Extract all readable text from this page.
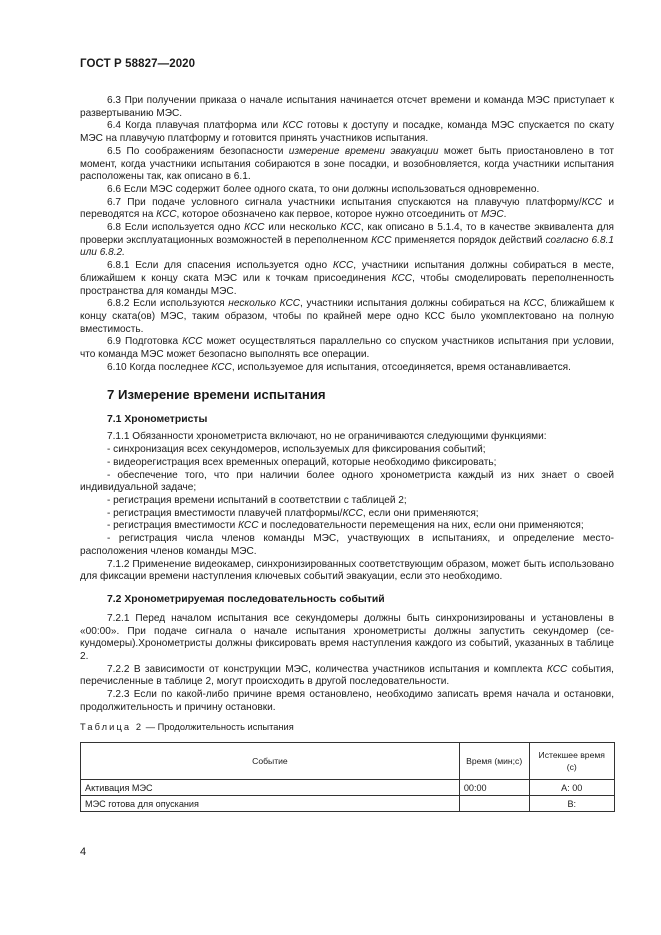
ГОСТ Р 58827—2020

6.3 При получении приказа о начале испытания начинается отсчет времени и команда МЭС приступает к развертыванию МЭС.

6.4 Когда плавучая платформа или КСС готовы к доступу и посадке, команда МЭС спускается по скату МЭС на плавучую платформу и готовится принять участников испытания.

6.5 По соображениям безопасности измерение времени эвакуации может быть приостановлено в тот момент, когда участники испытания собираются в зоне посадки, и возобновляется, когда участники испытания расположены так, как описано в 6.1.

6.6 Если МЭС содержит более одного ската, то они должны использоваться одновременно.

6.7 При подаче условного сигнала участники испытания спускаются на плавучую платформу/КСС и переводятся на КСС, которое обозначено как первое, которое нужно отсоединить от МЭС.

6.8 Если используется одно КСС или несколько КСС, как описано в 5.1.4, то в качестве эквивалента для проверки эксплуатационных возможностей в переполненном КСС применяется порядок действий согласно 6.8.1 или 6.8.2.

6.8.1 Если для спасения используется одно КСС, участники испытания должны собираться в месте, ближайшем к концу ската МЭС или к точкам присоединения КСС, чтобы смоделировать переполненность пространства для команды МЭС.

6.8.2 Если используются несколько КСС, участники испытания должны собираться на КСС, ближайшем к концу ската(ов) МЭС, таким образом, чтобы по крайней мере одно КСС было укомплектовано на полную вместимость.

6.9 Подготовка КСС может осуществляться параллельно со спуском участников испытания при условии, что команда МЭС может безопасно выполнять все операции.

6.10 Когда последнее КСС, используемое для испытания, отсоединяется, время останавливается.

7 Измерение времени испытания
7.1 Хронометристы

7.1.1 Обязанности хронометриста включают, но не ограничиваются следующими функциями:

- синхронизация всех секундомеров, используемых для фиксирования событий;

- видеорегистрация всех временных операций, которые необходимо фиксировать;

- обеспечение того, что при наличии более одного хронометриста каждый из них знает о своей индивидуальной задаче;

- регистрация времени испытаний в соответствии с таблицей 2;

- регистрация вместимости плавучей платформы/КСС, если они применяются;

- регистрация вместимости КСС и последовательности перемещения на них, если они применяются;

- регистрация числа членов команды МЭС, участвующих в испытаниях, и определение месторасположения членов команды МЭС.

7.1.2 Применение видеокамер, синхронизированных соответствующим образом, может быть использовано для фиксации времени наступления ключевых событий эвакуации, если это необходимо.

7.2 Хронометрируемая последовательность событий

7.2.1 Перед началом испытания все секундомеры должны быть синхронизированы и установлены в «00:00». При подаче сигнала о начале испытания хронометристы должны запустить секундомер (секундомеры).Хронометристы должны фиксировать время наступления каждого из событий, указанных в таблице 2.

7.2.2 В зависимости от конструкции МЭС, количества участников испытания и комплекта КСС события, перечисленные в таблице 2, могут происходить в другой последовательности.

7.2.3 Если по какой-либо причине время остановлено, необходимо записать время начала и остановки, продолжительность и причину остановки.

Таблица 2 — Продолжительность испытания

Событие	Время (мин;с)	Истекшее время (с)
Активация МЭС	00:00	A: 00
МЭС готова для опускания		B:
4
